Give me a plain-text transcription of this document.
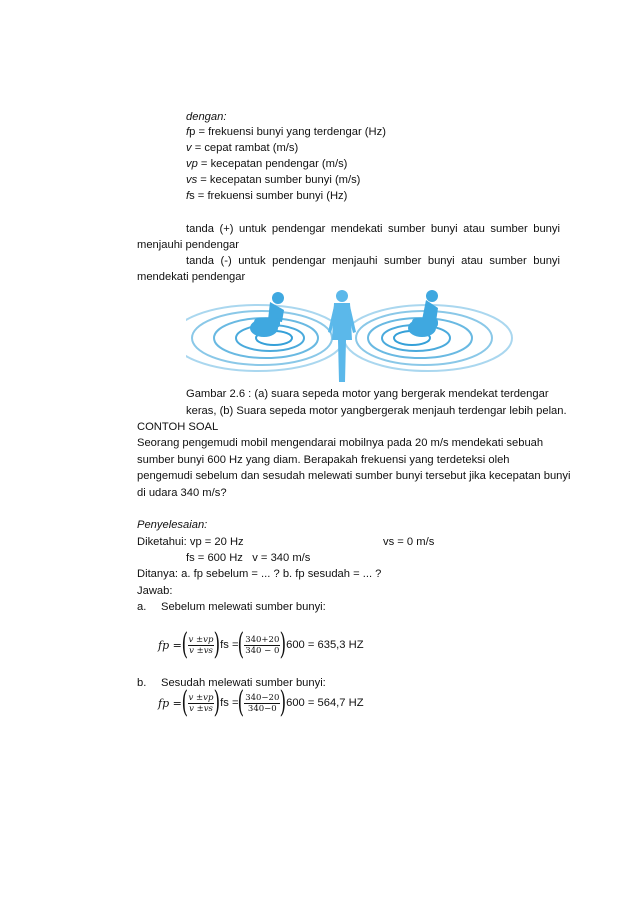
dengan:
fp = frekuensi bunyi yang terdengar (Hz)
v = cepat rambat (m/s)
vp = kecepatan pendengar (m/s)
vs = kecepatan sumber bunyi (m/s)
fs = frekuensi sumber bunyi (Hz)
tanda (+) untuk pendengar mendekati sumber bunyi atau sumber bunyi
menjauhi pendengar
tanda (-) untuk pendengar menjauhi sumber bunyi atau sumber bunyi
mendekati pendengar
Gambar 2.6 : (a) suara sepeda motor yang bergerak mendekat terdengar
keras, (b) Suara sepeda motor yangbergerak menjauh terdengar lebih pelan.
CONTOH SOAL
Seorang pengemudi mobil mengendarai mobilnya pada 20 m/s mendekati sebuah
sumber bunyi 600 Hz yang diam. Berapakah frekuensi yang terdeteksi oleh
pengemudi sebelum dan sesudah melewati sumber bunyi tersebut jika kecepatan bunyi
di udara 340 m/s?
Penyelesaian:
Diketahui: vp = 20 Hz	vs = 0 m/s
fs = 600 Hz v = 340 m/s
Ditanya: a. fp sebelum = ... ? b. fp sesudah = ... ?
Jawab:
a. Sebelum melewati sumber bunyi:
fp = ( $\frac{v \pm vp}{v \pm vs}$ ) fs = ( $\frac{340+20}{340 - 0}$ ) 600 = 635,3 HZ
b. Sesudah melewati sumber bunyi:
fp = ( $\frac{v \pm vp}{v \pm vs}$ ) fs = ( $\frac{340-20}{340-0}$ ) 600 = 564,7 HZ
